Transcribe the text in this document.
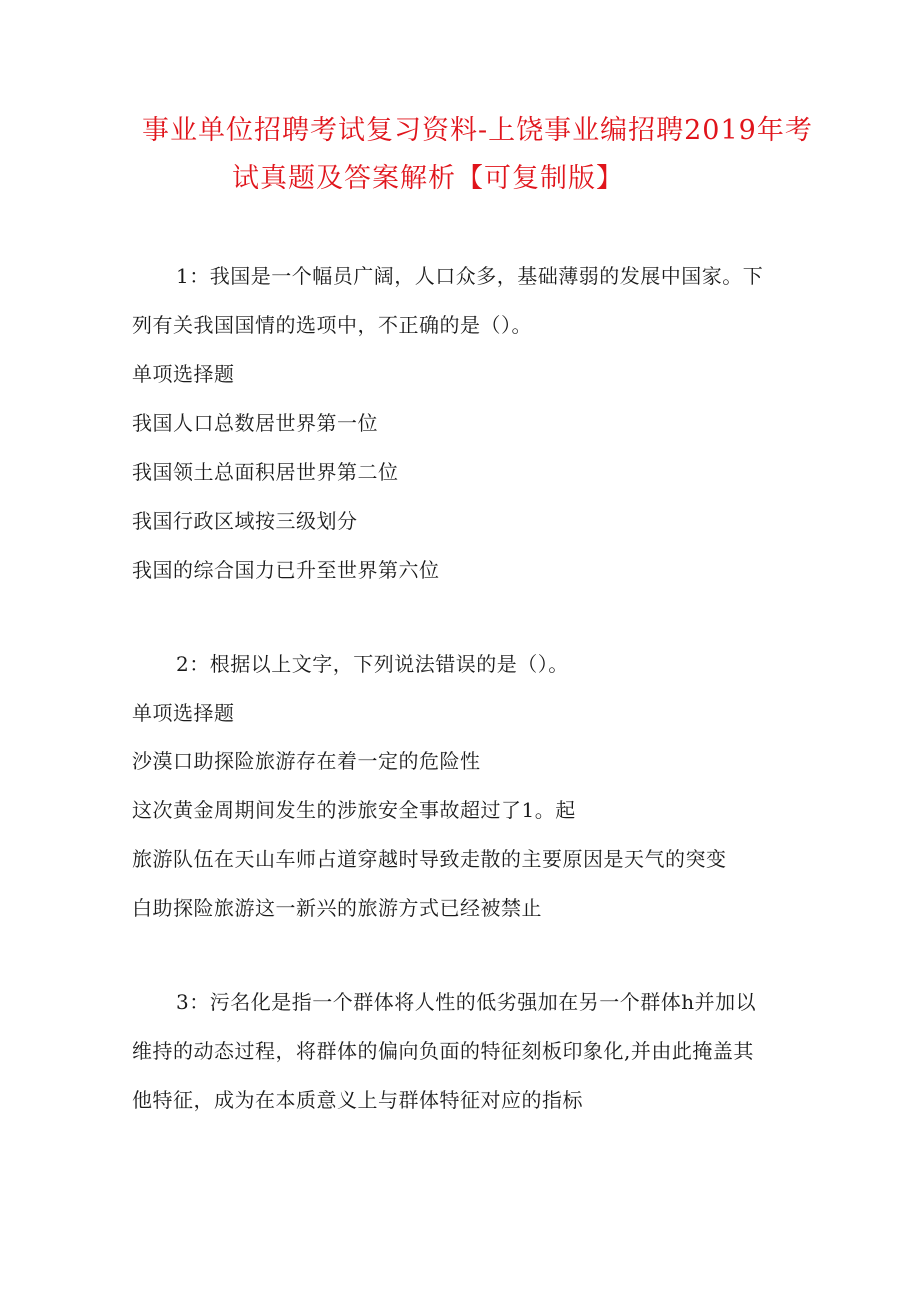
事业单位招聘考试复习资料-上饶事业编招聘2019年考
试真题及答案解析【可复制版】
1：我国是一个幅员广阔，人口众多，基础薄弱的发展中国家。下
列有关我国国情的选项中，不正确的是（）。
单项选择题
我国人口总数居世界第一位
我国领土总面积居世界第二位
我国行政区域按三级划分
我国的综合国力已升至世界第六位
2：根据以上文字，下列说法错误的是（）。
单项选择题
沙漠口助探险旅游存在着一定的危险性
这次黄金周期间发生的涉旅安全事故超过了1。起
旅游队伍在天山车师占道穿越时导致走散的主要原因是天气的突变
白助探险旅游这一新兴的旅游方式已经被禁止
3：污名化是指一个群体将人性的低劣强加在另一个群体h并加以
维持的动态过程，将群体的偏向负面的特征刻板印象化,并由此掩盖其
他特征，成为在本质意义上与群体特征对应的指标
